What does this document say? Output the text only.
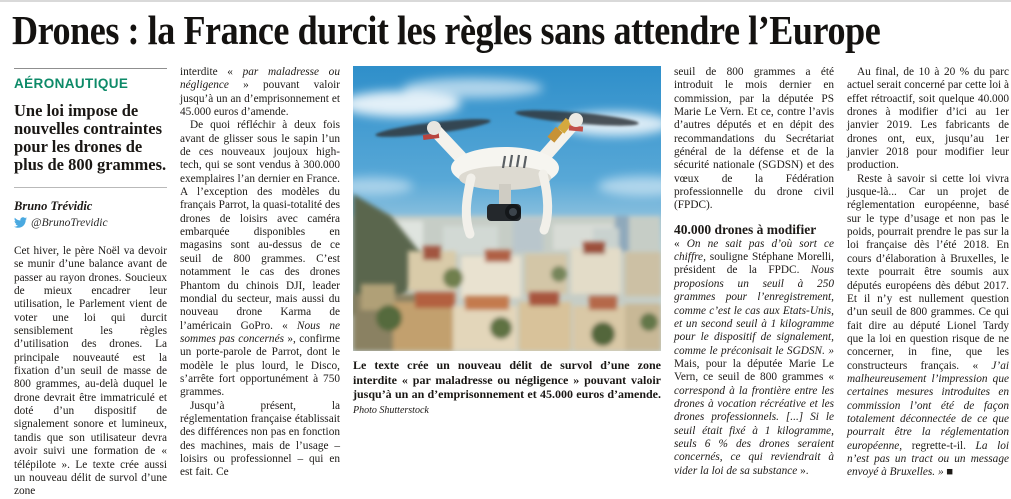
Drones : la France durcit les règles sans attendre l’Europe
AÉRONAUTIQUE
Une loi impose de nouvelles contraintes pour les drones de plus de 800 grammes.
Bruno Trévidic
@BrunoTrevidic

Cet hiver, le père Noël va devoir se munir d’une balance avant de passer au rayon drones. Soucieux de mieux encadrer leur utilisation, le Parlement vient de voter une loi qui durcit sensiblement les règles d’utilisation des drones. La principale nouveauté est la fixation d’un seuil de masse de 800 grammes, au-delà duquel le drone devrait être immatriculé et doté d’un dispositif de signalement sonore et lumineux, tandis que son utilisateur devra avoir suivi une formation de « télépilote ». Le texte crée aussi un nouveau délit de survol d’une zone

interdite « par maladresse ou négligence » pouvant valoir jusqu’à un an d’emprisonnement et 45.000 euros d’amende.

De quoi réfléchir à deux fois avant de glisser sous le sapin l’un de ces nouveaux joujoux high-tech, qui se sont vendus à 300.000 exemplaires l’an dernier en France. A l’exception des modèles du français Parrot, la quasi-totalité des drones de loisirs avec caméra embarquée disponibles en magasins sont au-dessus de ce seuil de 800 grammes. C’est notamment le cas des drones Phantom du chinois DJI, leader mondial du secteur, mais aussi du nouveau drone Karma de l’américain GoPro. « Nous ne sommes pas concernés », confirme un porte-parole de Parrot, dont le modèle le plus lourd, le Disco, s’arrête fort opportunément à 750 grammes.

Jusqu’à présent, la réglementation française établissait des différences non pas en fonction des machines, mais de l’usage – loisirs ou professionnel – qui en est fait. Ce

Le texte crée un nouveau délit de survol d’une zone interdite « par maladresse ou négligence » pouvant valoir jusqu’à un an d’emprisonnement et 45.000 euros d’amende. Photo Shutterstock

seuil de 800 grammes a été introduit le mois dernier en commission, par la députée PS Marie Le Vern. Et ce, contre l’avis d’autres députés et en dépit des recommandations du Secrétariat général de la défense et de la sécurité nationale (SGDSN) et des vœux de la Fédération professionnelle du drone civil (FPDC).

40.000 drones à modifier

« On ne sait pas d’où sort ce chiffre, souligne Stéphane Morelli, président de la FPDC. Nous proposions un seuil à 250 grammes pour l’enregistrement, comme c’est le cas aux Etats-Unis, et un second seuil à 1 kilogramme pour le dispositif de signalement, comme le préconisait le SGDSN. » Mais, pour la députée Marie Le Vern, ce seuil de 800 grammes « correspond à la frontière entre les drones à vocation récréative et les drones professionnels. [...] Si le seuil était fixé à 1 kilogramme, seuls 6 % des drones seraient concernés, ce qui reviendrait à vider la loi de sa substance ».

Au final, de 10 à 20 % du parc actuel serait concerné par cette loi à effet rétroactif, soit quelque 40.000 drones à modifier d’ici au 1er janvier 2019. Les fabricants de drones ont, eux, jusqu’au 1er janvier 2018 pour modifier leur production.

Reste à savoir si cette loi vivra jusque-là... Car un projet de réglementation européenne, basé sur le type d’usage et non pas le poids, pourrait prendre le pas sur la loi française dès l’été 2018. En cours d’élaboration à Bruxelles, le texte pourrait être soumis aux députés européens dès début 2017. Et il n’y est nullement question d’un seuil de 800 grammes. Ce qui fait dire au député Lionel Tardy que la loi en question risque de ne concerner, in fine, que les constructeurs français. « J’ai malheureusement l’impression que certaines mesures introduites en commission l’ont été de façon totalement déconnectée de ce que pourrait être la réglementation européenne, regrette-t-il. La loi n’est pas un tract ou un message envoyé à Bruxelles. » ■
